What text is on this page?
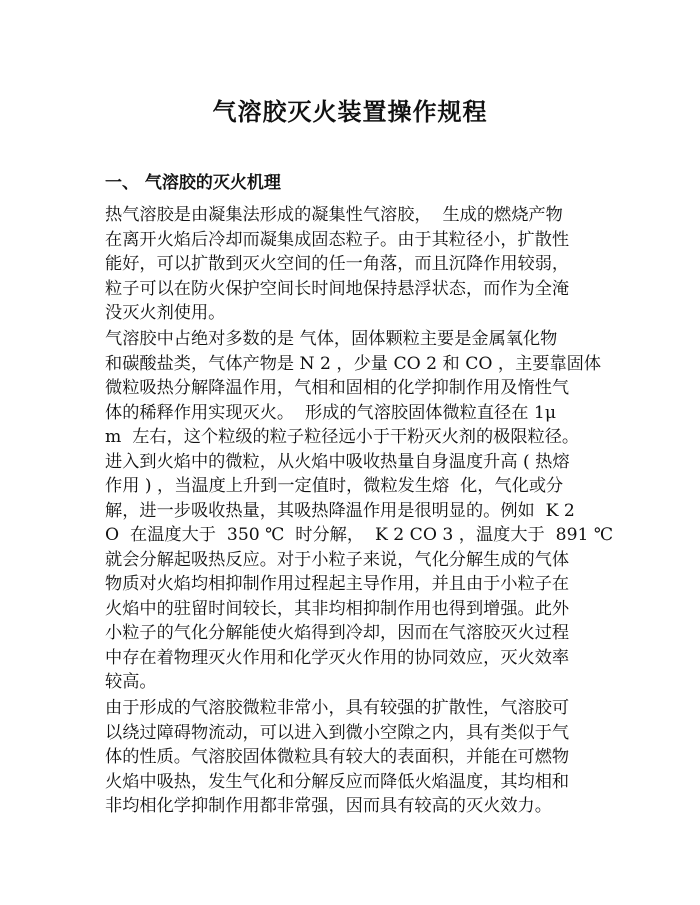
气溶胶灭火装置操作规程
一、 气溶胶的灭火机理
热气溶胶是由凝集法形成的凝集性气溶胶，  生成的燃烧产物
在离开火焰后冷却而凝集成固态粒子。由于其粒径小，扩散性
能好，可以扩散到灭火空间的任一角落，而且沉降作用较弱，
粒子可以在防火保护空间长时间地保持悬浮状态，而作为全淹
没灭火剂使用。
气溶胶中占绝对多数的是 气体，固体颗粒主要是金属氧化物
和碳酸盐类，气体产物是 N 2 ，少量 CO 2 和 CO ，主要靠固体
微粒吸热分解降温作用，气相和固相的化学抑制作用及惰性气
体的稀释作用实现灭火。  形成的气溶胶固体微粒直径在 1μ
m  左右，这个粒级的粒子粒径远小于干粉灭火剂的极限粒径。
进入到火焰中的微粒，从火焰中吸收热量自身温度升高 ( 热熔
作用 ) ，当温度上升到一定值时，微粒发生熔  化，气化或分
解，进一步吸收热量，其吸热降温作用是很明显的。例如  K 2
O  在温度大于  350 ℃  时分解，  K 2 CO 3 ，温度大于  891 ℃
就会分解起吸热反应。对于小粒子来说，气化分解生成的气体
物质对火焰均相抑制作用过程起主导作用，并且由于小粒子在
火焰中的驻留时间较长，其非均相抑制作用也得到增强。此外
小粒子的气化分解能使火焰得到冷却，因而在气溶胶灭火过程
中存在着物理灭火作用和化学灭火作用的协同效应，灭火效率
较高。
由于形成的气溶胶微粒非常小，具有较强的扩散性，气溶胶可
以绕过障碍物流动，可以进入到微小空隙之内，具有类似于气
体的性质。气溶胶固体微粒具有较大的表面积，并能在可燃物
火焰中吸热，发生气化和分解反应而降低火焰温度，其均相和
非均相化学抑制作用都非常强，因而具有较高的灭火效力。
